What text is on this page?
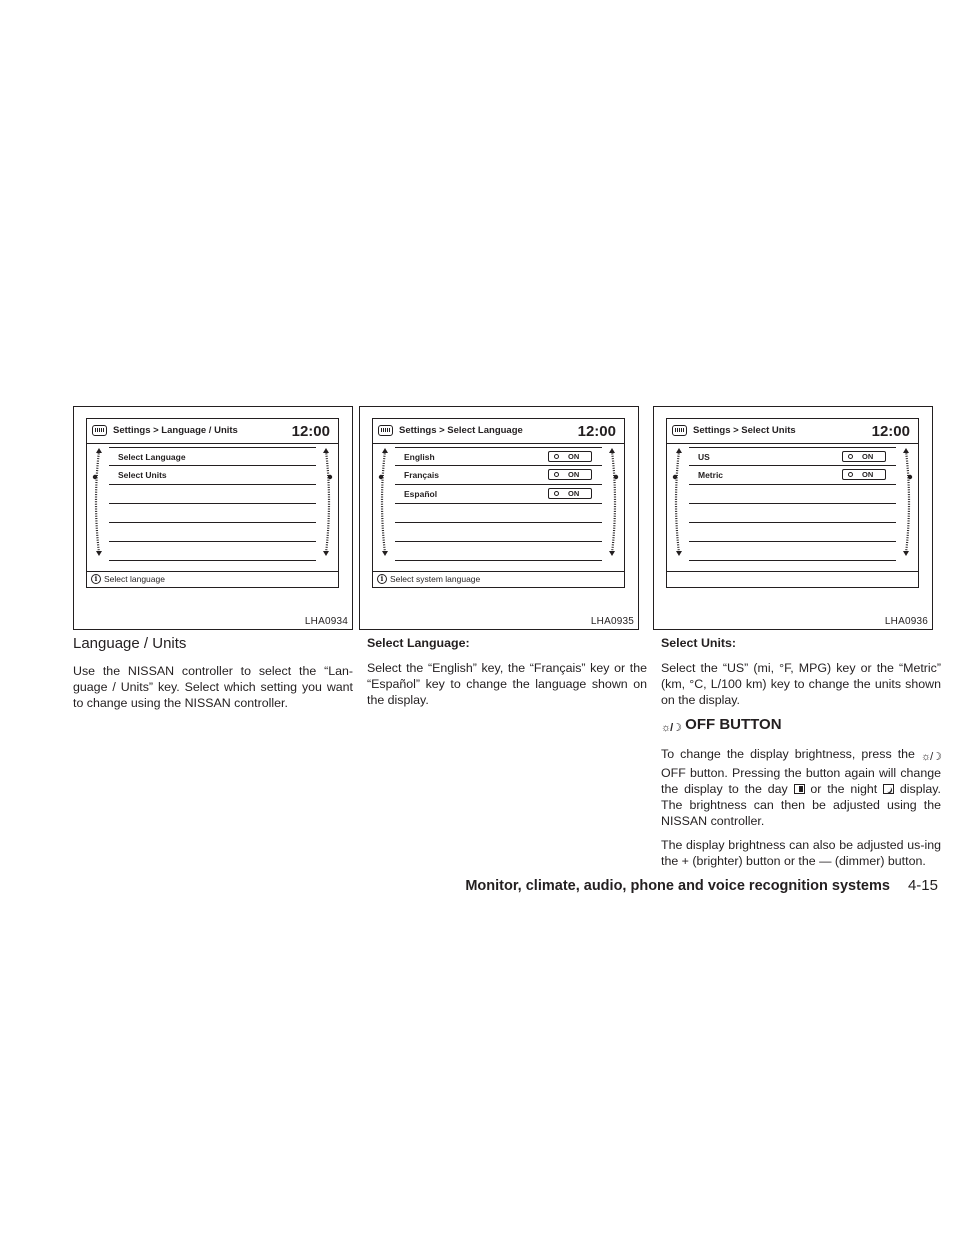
Settings > Language / Units	12:00
Select Language
Select Units
i Select language
LHA0934
Settings > Select Language	12:00
English	ON
Français	ON
Español	ON
i Select system language
LHA0935
Settings > Select Units	12:00
US	ON
Metric	ON
LHA0936
Language / Units

Use the NISSAN controller to select the “Lan-guage / Units” key. Select which setting you want to change using the NISSAN controller.

Select Language:

Select the “English” key, the “Français” key or the “Español” key to change the language shown on the display.

Select Units:

Select the “US” (mi, °F, MPG) key or the “Metric” (km, °C, L/100 km) key to change the units shown on the display.

☼/☽ OFF BUTTON

To change the display brightness, press the ☼/☽ OFF button. Pressing the button again will change the display to the day or the night display. The brightness can then be adjusted using the NISSAN controller.

The display brightness can also be adjusted us-ing the + (brighter) button or the — (dimmer) button.

Monitor, climate, audio, phone and voice recognition systems 4-15
